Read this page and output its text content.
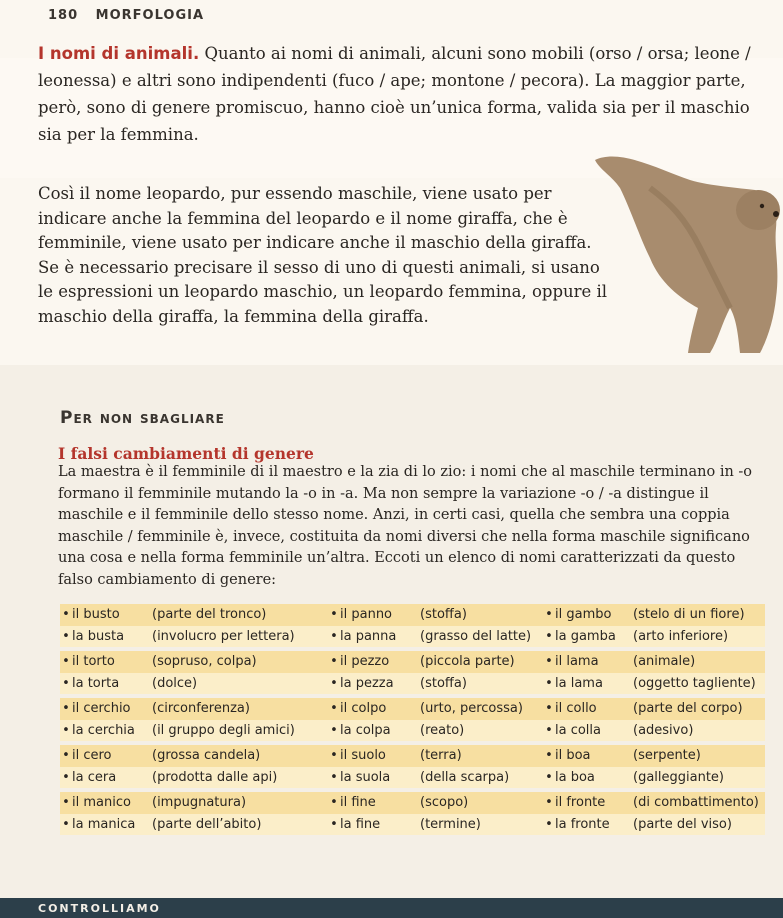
180 MORFOLOGIA
I nomi di animali. Quanto ai nomi di animali, alcuni sono mobili (orso / orsa; leone / leonessa) e altri sono indipendenti (fuco / ape; montone / pecora). La maggior parte, però, sono di genere promiscuo, hanno cioè un’unica forma, valida sia per il maschio sia per la femmina.
Così il nome leopardo, pur essendo maschile, viene usato per indicare anche la femmina del leopardo e il nome giraffa, che è femminile, viene usato per indicare anche il maschio della giraffa. Se è necessario precisare il sesso di uno di questi animali, si usano le espressioni un leopardo maschio, un leopardo femmina, oppure il maschio della giraffa, la femmina della giraffa.
Per non sbagliare
I falsi cambiamenti di genere
La maestra è il femminile di il maestro e la zia di lo zio: i nomi che al maschile terminano in -o formano il femminile mutando la -o in -a. Ma non sempre la variazione -o / -a distingue il maschile e il femminile dello stesso nome. Anzi, in certi casi, quella che sembra una coppia maschile / femminile è, invece, costituita da nomi diversi che nella forma maschile significano una cosa e nella forma femminile un’altra. Eccoti un elenco di nomi caratterizzati da questo falso cambiamento di genere:
• il busto	(parte del tronco)	• il panno	(stoffa)	• il gambo	(stelo di un fiore)
• la busta	(involucro per lettera)	• la panna	(grasso del latte) • la gamba	(arto inferiore)
• il torto	(sopruso, colpa)	• il pezzo	(piccola parte) • il lama	(animale)
• la torta	(dolce)	• la pezza	(stoffa)	• la lama	(oggetto tagliente)
• il cerchio	(circonferenza)	• il colpo	(urto, percossa) • il collo	(parte del corpo)
• la cerchia	(il gruppo degli amici)	• la colpa	(reato)	• la colla	(adesivo)
• il cero	(grossa candela)	• il suolo	(terra)	• il boa	(serpente)
• la cera	(prodotta dalle api)	• la suola	(della scarpa)	• la boa	(galleggiante)
• il manico	(impugnatura)	• il fine	(scopo)	• il fronte	(di combattimento)
• la manica	(parte dell’abito)	• la fine	(termine)	• la fronte	(parte del viso)
CONTROLLIAMO
